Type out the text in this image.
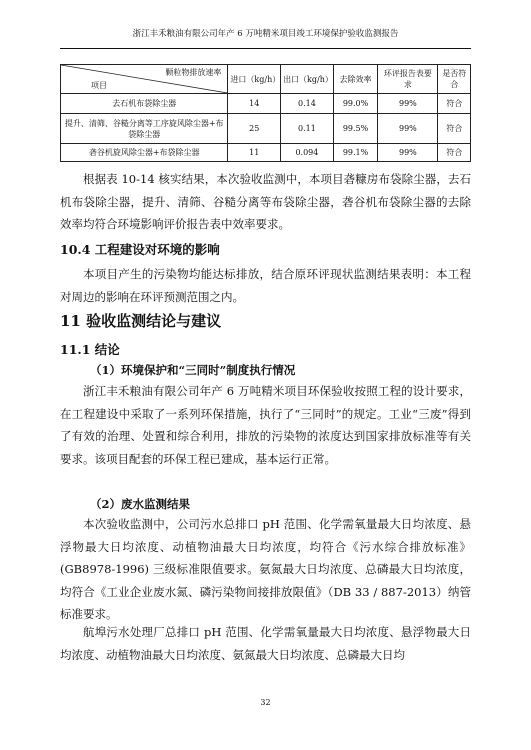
浙江丰禾粮油有限公司年产 6 万吨精米项目竣工环境保护验收监测报告
颗粒物排放速率
项目	进口（kg/h）	出口（kg/h）	去除效率	环评报告表要求	是否符合
去石机布袋除尘器	14	0.14	99.0%	99%	符合
提升、清筛、谷糙分离等工序旋风除尘器+布袋除尘器	25	0.11	99.5%	99%	符合
砻谷机旋风除尘器+布袋除尘器	11	0.094	99.1%	99%	符合
根据表 10-14 核实结果，本次验收监测中，本项目砻糠房布袋除尘器，去石机布袋除尘器，提升、清筛、谷糙分离等布袋除尘器，砻谷机布袋除尘器的去除效率均符合环境影响评价报告表中效率要求。
10.4 工程建设对环境的影响
本项目产生的污染物均能达标排放，结合原环评现状监测结果表明：本工程对周边的影响在环评预测范围之内。
11 验收监测结论与建议
11.1 结论
（1）环境保护和“三同时”制度执行情况
浙江丰禾粮油有限公司年产 6 万吨精米项目环保验收按照工程的设计要求，在工程建设中采取了一系列环保措施，执行了“三同时”的规定。工业“三废”得到了有效的治理、处置和综合利用，排放的污染物的浓度达到国家排放标准等有关要求。该项目配套的环保工程已建成，基本运行正常。
（2）废水监测结果
本次验收监测中，公司污水总排口 pH 范围、化学需氧量最大日均浓度、悬浮物最大日均浓度、动植物油最大日均浓度，均符合《污水综合排放标准》(GB8978-1996) 三级标准限值要求。氨氮最大日均浓度、总磷最大日均浓度，均符合《工业企业废水氮、磷污染物间接排放限值》（DB 33 / 887-2013）纳管标准要求。
航埠污水处理厂总排口 pH 范围、化学需氧量最大日均浓度、悬浮物最大日均浓度、动植物油最大日均浓度、氨氮最大日均浓度、总磷最大日均
32
